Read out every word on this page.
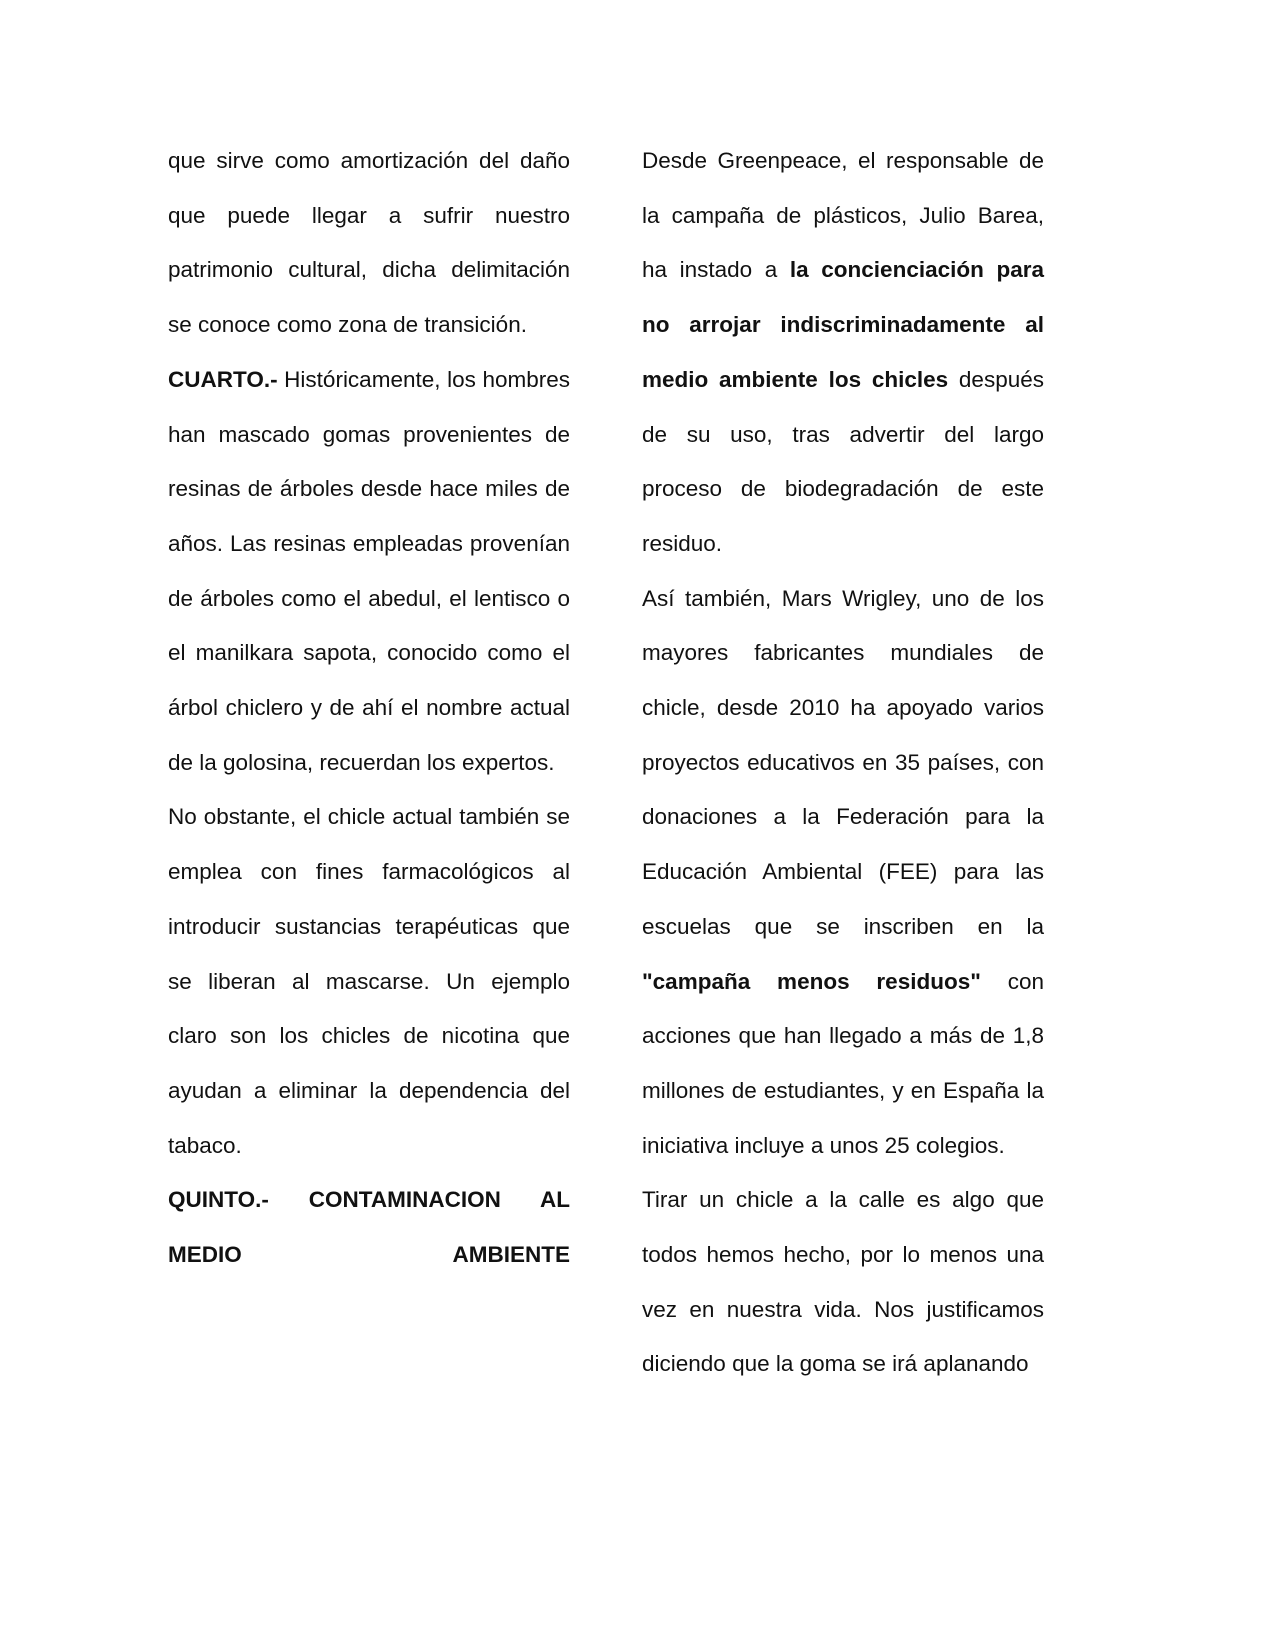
que sirve como amortización del daño que puede llegar a sufrir nuestro patrimonio cultural, dicha delimitación se conoce como zona de transición.

CUARTO.- Históricamente, los hombres han mascado gomas provenientes de resinas de árboles desde hace miles de años. Las resinas empleadas provenían de árboles como el abedul, el lentisco o el manilkara sapota, conocido como el árbol chiclero y de ahí el nombre actual de la golosina, recuerdan los expertos.

No obstante, el chicle actual también se emplea con fines farmacológicos al introducir sustancias terapéuticas que se liberan al mascarse. Un ejemplo claro son los chicles de nicotina que ayudan a eliminar la dependencia del tabaco.

QUINTO.- CONTAMINACION AL MEDIO AMBIENTE

Desde Greenpeace, el responsable de la campaña de plásticos, Julio Barea, ha instado a la concienciación para no arrojar indiscriminadamente al medio ambiente los chicles después de su uso, tras advertir del largo proceso de biodegradación de este residuo.

Así también, Mars Wrigley, uno de los mayores fabricantes mundiales de chicle, desde 2010 ha apoyado varios proyectos educativos en 35 países, con donaciones a la Federación para la Educación Ambiental (FEE) para las escuelas que se inscriben en la "campaña menos residuos" con acciones que han llegado a más de 1,8 millones de estudiantes, y en España la iniciativa incluye a unos 25 colegios.

Tirar un chicle a la calle es algo que todos hemos hecho, por lo menos una vez en nuestra vida. Nos justificamos diciendo que la goma se irá aplanando
